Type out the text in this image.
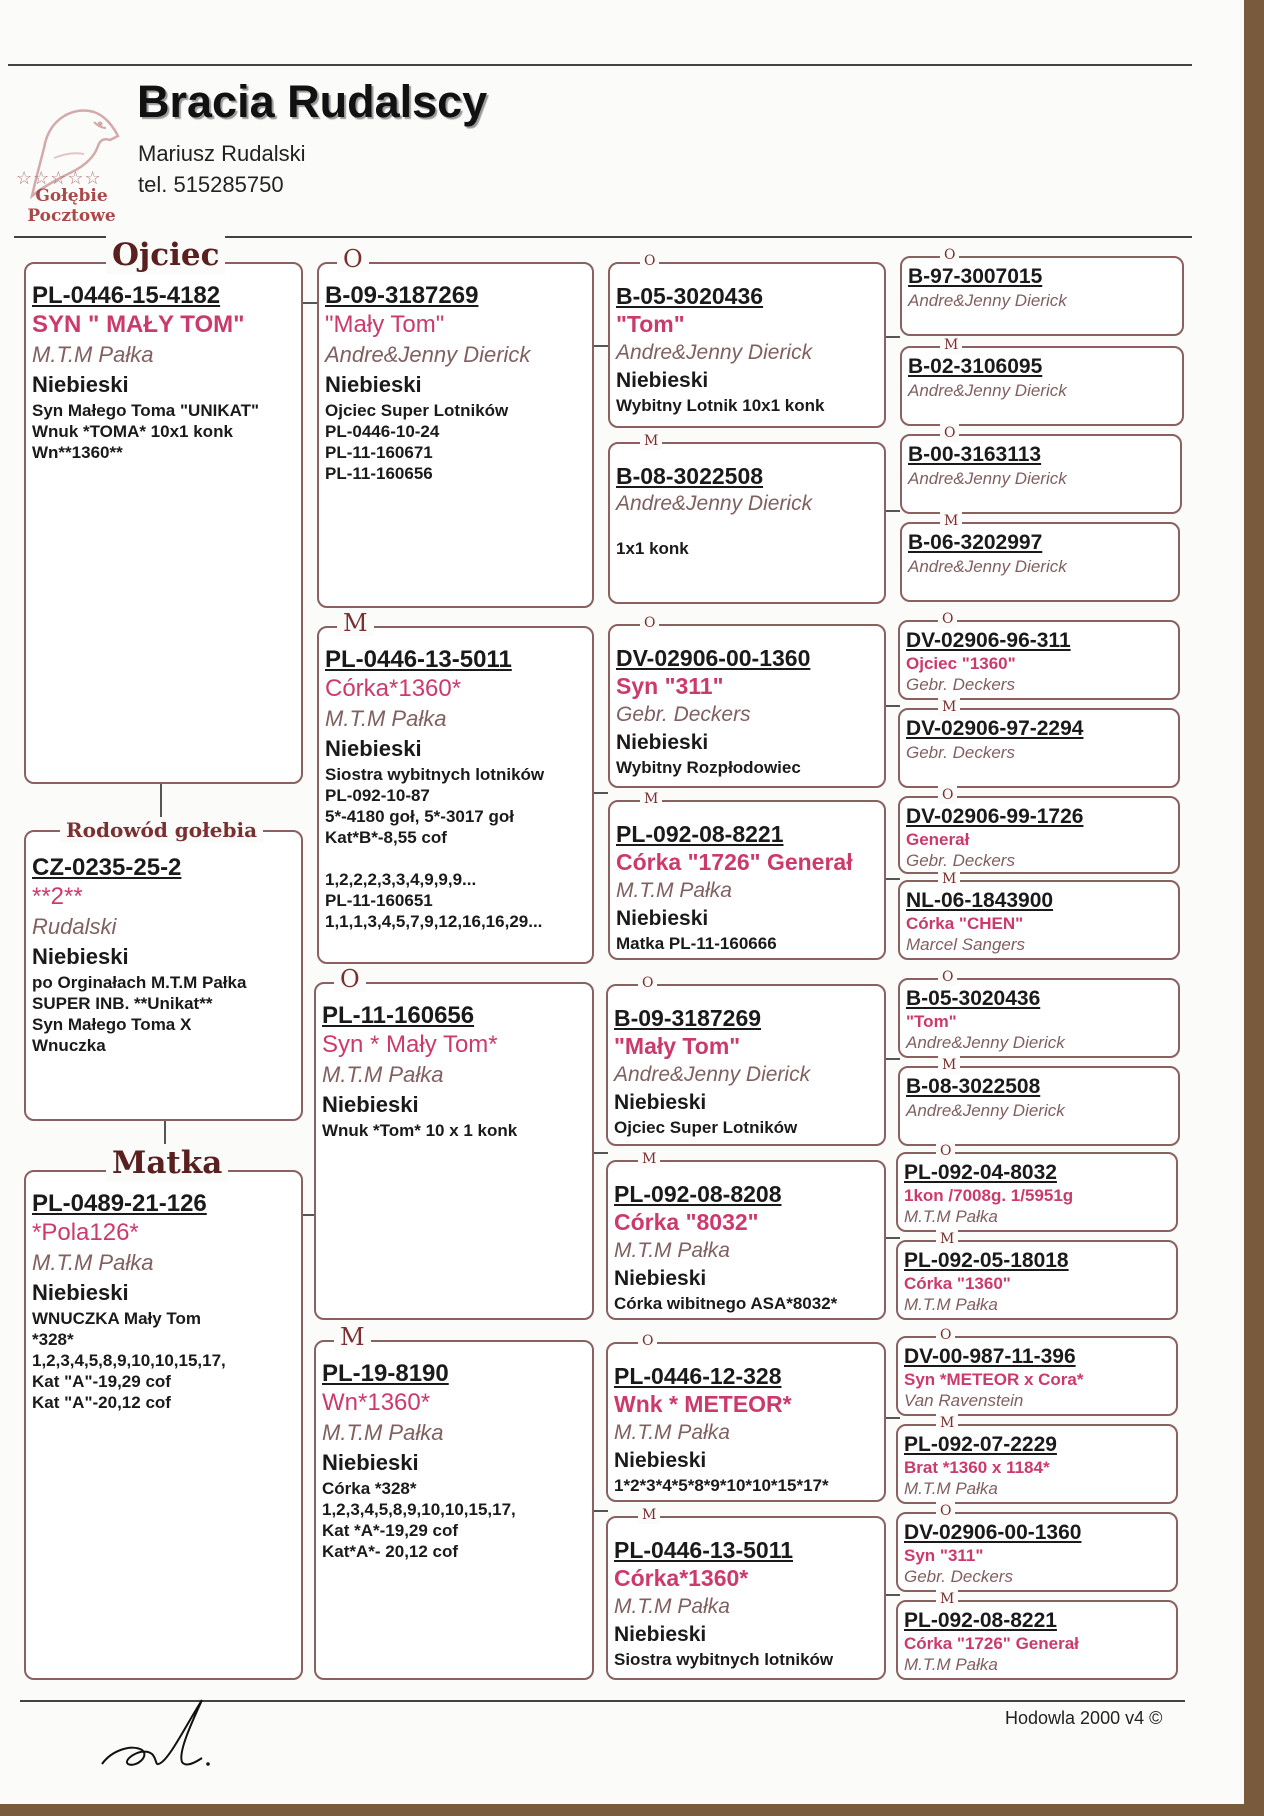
☆☆☆☆☆
Gołębie
Pocztowe
Bracia Rudalscy
Mariusz Rudalski
tel. 515285750
Ojciec
PL-0446-15-4182
SYN " MAŁY TOM"
M.T.M Pałka
Niebieski
Syn Małego Toma "UNIKAT"
Wnuk *TOMA* 10x1 konk
Wn**1360**
Rodowód gołebia
CZ-0235-25-2
**2**
Rudalski
Niebieski
po Orginałach M.T.M Pałka
SUPER INB. **Unikat**
Syn Małego Toma X
Wnuczka
Matka
PL-0489-21-126
*Pola126*
M.T.M Pałka
Niebieski
WNUCZKA Mały Tom
*328*
1,2,3,4,5,8,9,10,10,15,17,
Kat "A"-19,29 cof
Kat "A"-20,12 cof
O
B-09-3187269
"Mały Tom"
Andre&Jenny Dierick
Niebieski
Ojciec Super Lotników
PL-0446-10-24
PL-11-160671
PL-11-160656
M
PL-0446-13-5011
Córka*1360*
M.T.M Pałka
Niebieski
Siostra wybitnych lotników
PL-092-10-87
5*-4180 goł, 5*-3017 goł
Kat*B*-8,55 cof

1,2,2,2,3,3,4,9,9,9...
PL-11-160651
1,1,1,3,4,5,7,9,12,16,16,29...
O
PL-11-160656
Syn * Mały Tom*
M.T.M Pałka
Niebieski
Wnuk *Tom* 10 x 1 konk
M
PL-19-8190
Wn*1360*
M.T.M Pałka
Niebieski
Córka *328*
1,2,3,4,5,8,9,10,10,15,17,
Kat *A*-19,29 cof
Kat*A*- 20,12 cof
O
B-05-3020436
"Tom"
Andre&Jenny Dierick
Niebieski
Wybitny Lotnik 10x1 konk
M
B-08-3022508
Andre&Jenny Dierick
1x1 konk
O
DV-02906-00-1360
Syn "311"
Gebr. Deckers
Niebieski
Wybitny Rozpłodowiec
M
PL-092-08-8221
Córka "1726" Generał
M.T.M Pałka
Niebieski
Matka PL-11-160666
O
B-09-3187269
"Mały Tom"
Andre&Jenny Dierick
Niebieski
Ojciec Super Lotników
M
PL-092-08-8208
Córka "8032"
M.T.M Pałka
Niebieski
Córka wibitnego ASA*8032*
O
PL-0446-12-328
Wnk * METEOR*
M.T.M Pałka
Niebieski
1*2*3*4*5*8*9*10*10*15*17*
M
PL-0446-13-5011
Córka*1360*
M.T.M Pałka
Niebieski
Siostra wybitnych lotników
O
B-97-3007015
Andre&Jenny Dierick
M
B-02-3106095
Andre&Jenny Dierick
O
B-00-3163113
Andre&Jenny Dierick
M
B-06-3202997
Andre&Jenny Dierick
O
DV-02906-96-311
Ojciec "1360"
Gebr. Deckers
M
DV-02906-97-2294
Gebr. Deckers
O
DV-02906-99-1726
Generał
Gebr. Deckers
M
NL-06-1843900
Córka "CHEN"
Marcel Sangers
O
B-05-3020436
"Tom"
Andre&Jenny Dierick
M
B-08-3022508
Andre&Jenny Dierick
O
PL-092-04-8032
1kon /7008g. 1/5951g
M.T.M Pałka
M
PL-092-05-18018
Córka "1360"
M.T.M Pałka
O
DV-00-987-11-396
Syn *METEOR x Cora*
Van Ravenstein
M
PL-092-07-2229
Brat *1360 x 1184*
M.T.M Pałka
O
DV-02906-00-1360
Syn "311"
Gebr. Deckers
M
PL-092-08-8221
Córka "1726" Generał
M.T.M Pałka
Hodowla 2000 v4 ©
